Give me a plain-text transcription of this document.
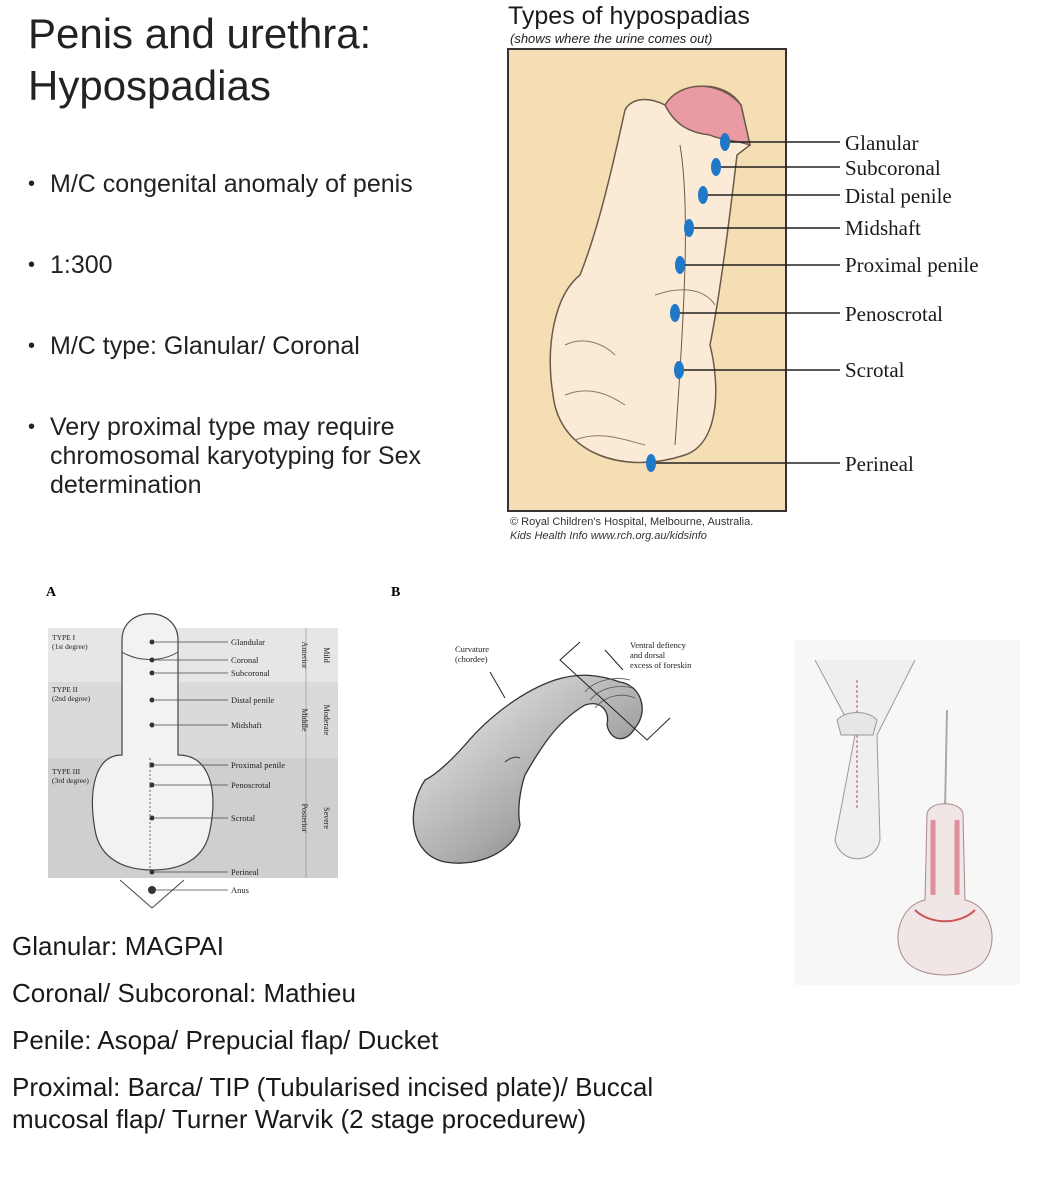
Penis and urethra:
Hypospadias
• M/C congenital anomaly of penis
• 1:300
• M/C type: Glanular/ Coronal
• Very proximal type may require chromosomal karyotyping for Sex determination
Types of hypospadias
(shows where the urine comes out)
Glanular
Subcoronal
Distal penile
Midshaft
Proximal penile
Penoscrotal
Scrotal
Perineal
© Royal Children’s Hospital, Melbourne, Australia.
Kids Health Info www.rch.org.au/kidsinfo
A
Glandular
Coronal
Subcoronal
Distal penile
Midshaft
Proximal penile
Penoscrotal
Scrotal
Perineal
Anus
TYPE I
(1st degree)
TYPE II
(2nd degree)
TYPE III
(3rd degree)
Anterior
Middle
Posterior
Mild
Moderate
Severe
B
Curvature
(chordee)
Ventral defiency
and dorsal
excess of foreskin

Glanular: MAGPAI

Coronal/ Subcoronal: Mathieu

Penile: Asopa/ Prepucial flap/ Ducket

Proximal: Barca/ TIP (Tubularised incised plate)/ Buccal mucosal flap/ Turner Warvik (2 stage procedurew)
